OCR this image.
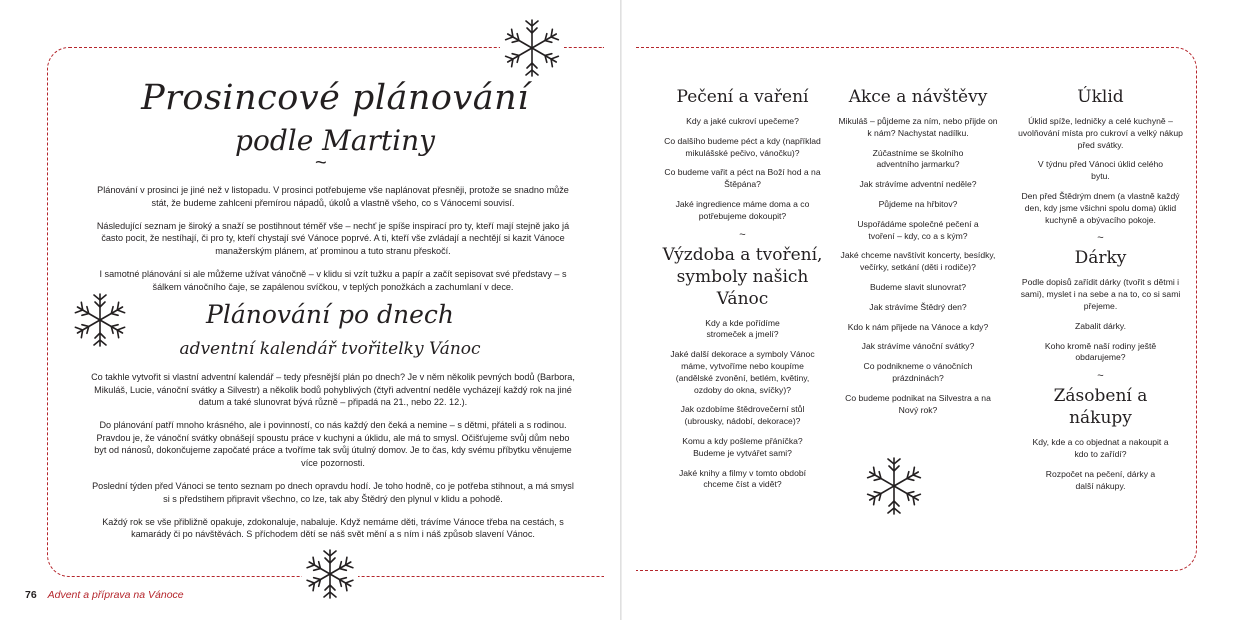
Prosincové plánování
podle Martiny
~

Plánování v prosinci je jiné než v listopadu. V prosinci potřebujeme vše naplánovat přesněji, protože se snadno může stát, že budeme zahlceni přemírou nápadů, úkolů a vlastně všeho, co s Vánocemi souvisí.

Následující seznam je široký a snaží se postihnout téměř vše – nechť je spíše inspirací pro ty, kteří mají stejně jako já často pocit, že nestíhají, či pro ty, kteří chystají své Vánoce poprvé. A ti, kteří vše zvládají a nechtějí si kazit Vánoce manažerským plánem, ať prominou a tuto stranu přeskočí.

I samotné plánování si ale můžeme užívat vánočně – v klidu si vzít tužku a papír a začít sepisovat své představy – s šálkem vánočního čaje, se zapálenou svíčkou, v teplých ponožkách a zachumlaní v dece.

Plánování po dnech
adventní kalendář tvořitelky Vánoc

Co takhle vytvořit si vlastní adventní kalendář – tedy přesnější plán po dnech? Je v něm několik pevných bodů (Barbora, Mikuláš, Lucie, vánoční svátky a Silvestr) a několik bodů pohyblivých (čtyři adventní neděle vycházejí každý rok na jiné datum a také slunovrat bývá různě – připadá na 21., nebo 22. 12.).

Do plánování patří mnoho krásného, ale i povinností, co nás každý den čeká a nemine – s dětmi, přáteli a s rodinou. Pravdou je, že vánoční svátky obnášejí spoustu práce v kuchyni a úklidu, ale má to smysl. Očišťujeme svůj dům nebo byt od nánosů, dokončujeme započaté práce a tvoříme tak svůj útulný domov. Je to čas, kdy svému příbytku věnujeme více pozornosti.

Poslední týden před Vánoci se tento seznam po dnech opravdu hodí. Je toho hodně, co je potřeba stihnout, a má smysl si s předstihem připravit všechno, co lze, tak aby Štědrý den plynul v klidu a pohodě.

Každý rok se vše přibližně opakuje, zdokonaluje, nabaluje. Když nemáme děti, trávíme Vánoce třeba na cestách, s kamarády či po návštěvách. S příchodem dětí se náš svět mění a s ním i náš způsob slavení Vánoc.

76 Advent a příprava na Vánoce
Pečení a vaření
Kdy a jaké cukroví upečeme?
Co dalšího budeme péct a kdy (například mikulášské pečivo, vánočku)?
Co budeme vařit a péct na Boží hod a na Štěpána?
Jaké ingredience máme doma a co potřebujeme dokoupit?
~
Výzdoba a tvoření, symboly našich Vánoc
Kdy a kde pořídíme stromeček a jmelí?
Jaké další dekorace a symboly Vánoc máme, vytvoříme nebo koupíme (andělské zvonění, betlém, květiny, ozdoby do okna, svíčky)?
Jak ozdobíme štědrovečerní stůl (ubrousky, nádobí, dekorace)?
Komu a kdy pošleme přáníčka? Budeme je vytvářet sami?
Jaké knihy a filmy v tomto období chceme číst a vidět?
Akce a návštěvy
Mikuláš – půjdeme za ním, nebo přijde on k nám? Nachystat nadílku.
Zúčastníme se školního adventního jarmarku?
Jak strávíme adventní neděle?
Půjdeme na hřbitov?
Uspořádáme společné pečení a tvoření – kdy, co a s kým?
Jaké chceme navštívit koncerty, besídky, večírky, setkání (děti i rodiče)?
Budeme slavit slunovrat?
Jak strávíme Štědrý den?
Kdo k nám přijede na Vánoce a kdy?
Jak strávíme vánoční svátky?
Co podnikneme o vánočních prázdninách?
Co budeme podnikat na Silvestra a na Nový rok?
Úklid
Úklid spíže, ledničky a celé kuchyně – uvolňování místa pro cukroví a velký nákup před svátky.
V týdnu před Vánoci úklid celého bytu.
Den před Štědrým dnem (a vlastně každý den, kdy jsme všichni spolu doma) úklid kuchyně a obývacího pokoje.
~
Dárky
Podle dopisů zařídit dárky (tvořit s dětmi i sami), myslet i na sebe a na to, co si sami přejeme.
Zabalit dárky.
Koho kromě naší rodiny ještě obdarujeme?
~
Zásobení a nákupy
Kdy, kde a co objednat a nakoupit a kdo to zařídí?
Rozpočet na pečení, dárky a další nákupy.
